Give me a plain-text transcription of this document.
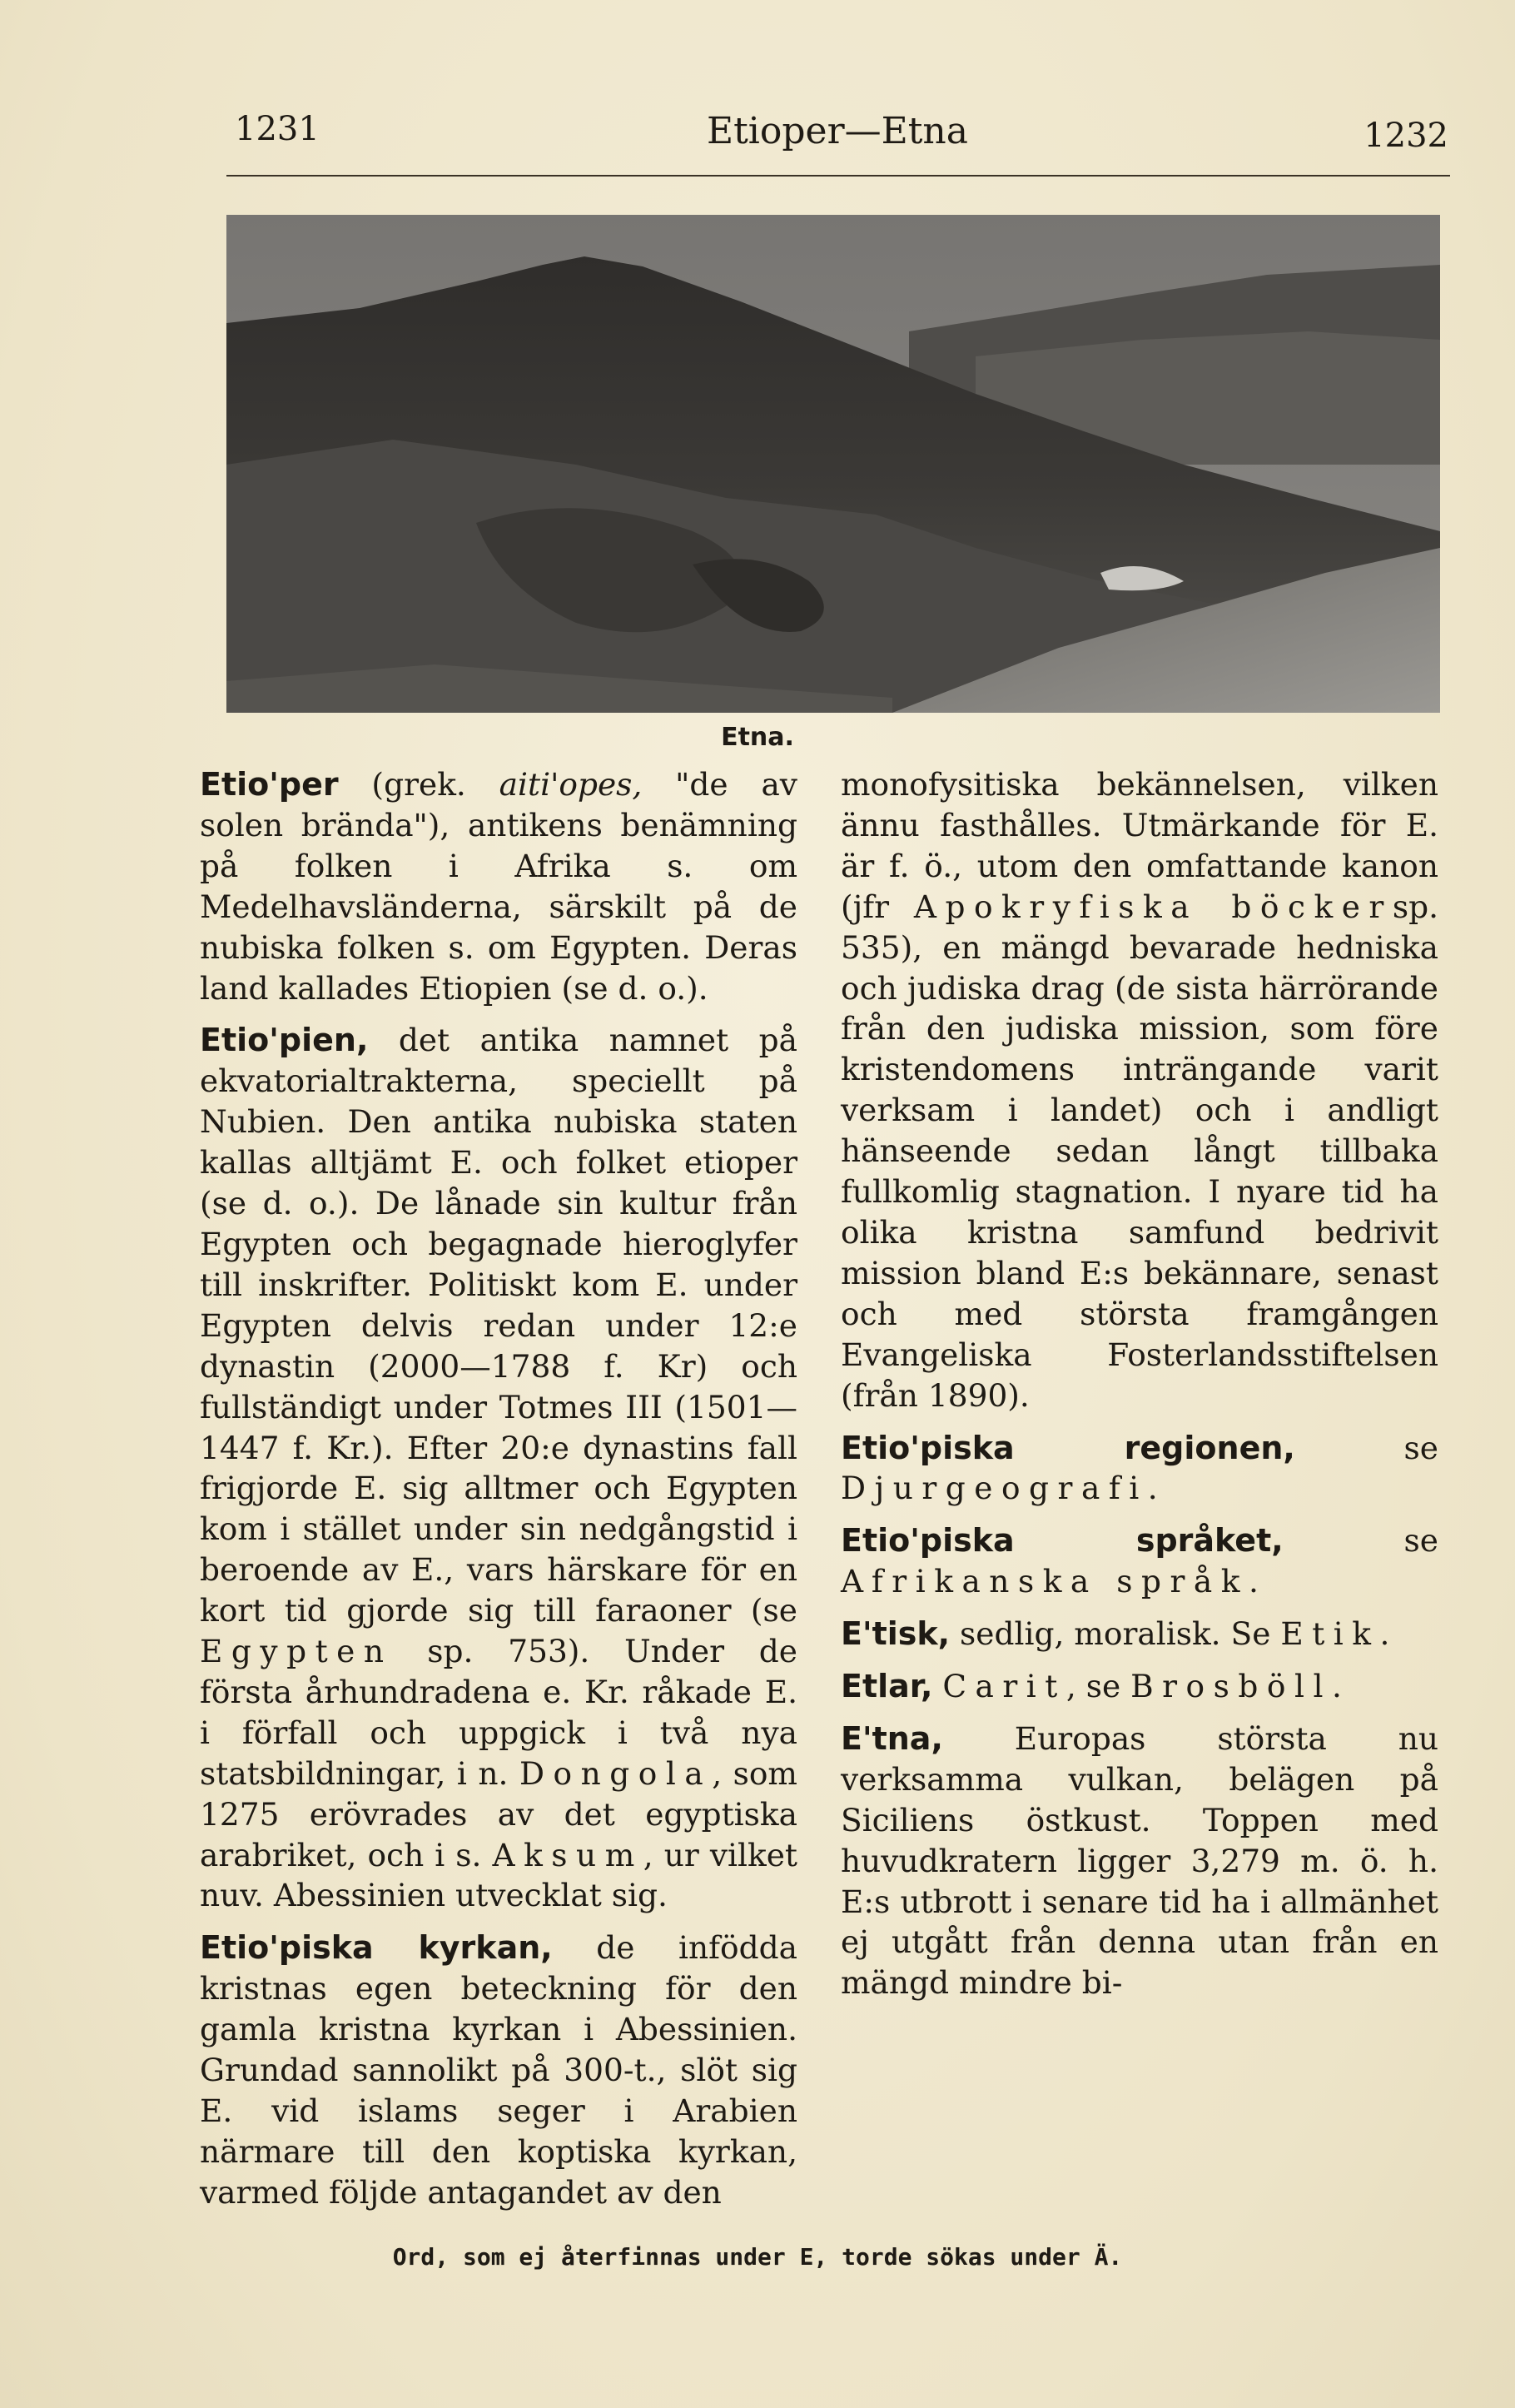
1231	Etioper—Etna	1232
Etna.

Etio'per (grek. aiti'opes, "de av solen brända"), antikens benämning på folken i Afrika s. om Medelhavsländerna, särskilt på de nubiska folken s. om Egypten. Deras land kallades Etiopien (se d. o.).

Etio'pien, det antika namnet på ekvatorialtrakterna, speciellt på Nubien. Den antika nubiska staten kallas alltjämt E. och folket etioper (se d. o.). De lånade sin kultur från Egypten och begagnade hieroglyfer till inskrifter. Politiskt kom E. under Egypten delvis redan under 12:e dynastin (2000—1788 f. Kr) och fullständigt under Totmes III (1501—1447 f. Kr.). Efter 20:e dynastins fall frigjorde E. sig alltmer och Egypten kom i stället under sin nedgångstid i beroende av E., vars härskare för en kort tid gjorde sig till faraoner (se Egypten sp. 753). Under de första århundradena e. Kr. råkade E. i förfall och uppgick i två nya statsbildningar, i n. Dongola, som 1275 erövrades av det egyptiska arabriket, och i s. Aksum, ur vilket nuv. Abessinien utvecklat sig.

Etio'piska kyrkan, de infödda kristnas egen beteckning för den gamla kristna kyrkan i Abessinien. Grundad sannolikt på 300-t., slöt sig E. vid islams seger i Arabien närmare till den koptiska kyrkan, varmed följde antagandet av den

monofysitiska bekännelsen, vilken ännu fasthålles. Utmärkande för E. är f. ö., utom den omfattande kanon (jfr Apokryfiska böckersp. 535), en mängd bevarade hedniska och judiska drag (de sista härrörande från den judiska mission, som före kristendomens inträngande varit verksam i landet) och i andligt hänseende sedan långt tillbaka fullkomlig stagnation. I nyare tid ha olika kristna samfund bedrivit mission bland E:s bekännare, senast och med största framgången Evangeliska Fosterlandsstiftelsen (från 1890).

Etio'piska regionen, se Djurgeografi.

Etio'piska språket, se Afrikanska språk.

E'tisk, sedlig, moralisk. Se Etik.

Etlar, Carit, se Brosböll.

E'tna, Europas största nu verksamma vulkan, belägen på Siciliens östkust. Toppen med huvudkratern ligger 3,279 m. ö. h. E:s utbrott i senare tid ha i allmänhet ej utgått från denna utan från en mängd mindre bi-

Ord, som ej återfinnas under E, torde sökas under Ä.
